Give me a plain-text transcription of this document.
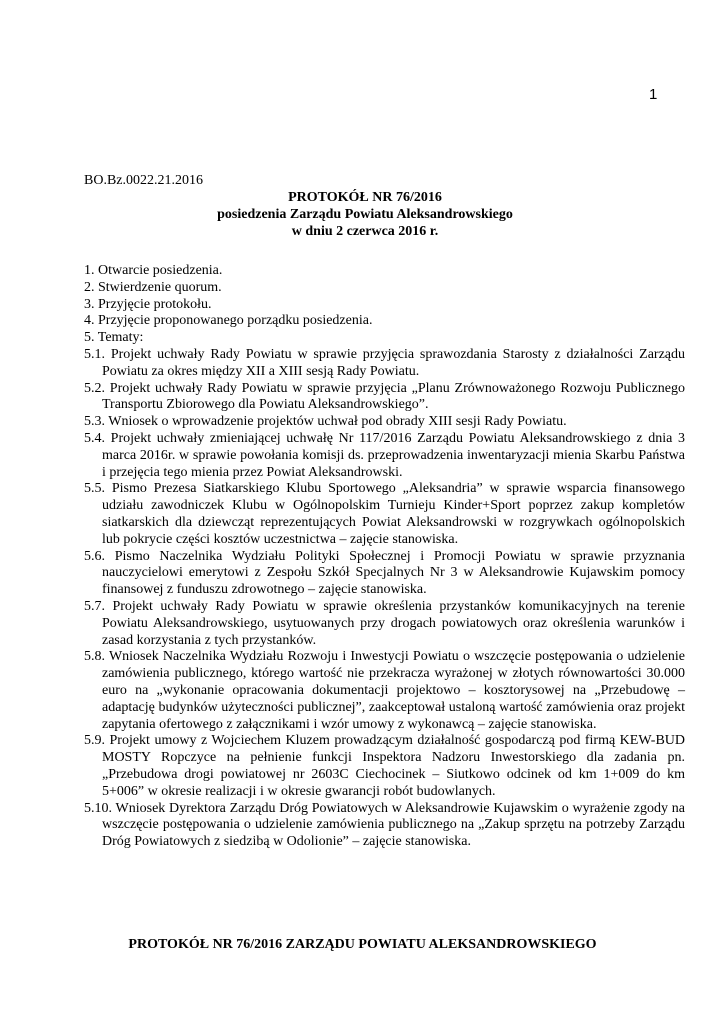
1
BO.Bz.0022.21.2016
PROTOKÓŁ NR 76/2016
posiedzenia Zarządu Powiatu Aleksandrowskiego
w dniu 2 czerwca 2016 r.

1. Otwarcie posiedzenia.

2. Stwierdzenie quorum.

3. Przyjęcie protokołu.

4. Przyjęcie proponowanego porządku posiedzenia.

5. Tematy:

5.1. Projekt uchwały Rady Powiatu w sprawie przyjęcia sprawozdania Starosty z działalności Zarządu Powiatu za okres między XII a XIII sesją Rady Powiatu.

5.2. Projekt uchwały Rady Powiatu w sprawie przyjęcia „Planu Zrównoważonego Rozwoju Publicznego Transportu Zbiorowego dla Powiatu Aleksandrowskiego”.

5.3. Wniosek o wprowadzenie projektów uchwał pod obrady XIII sesji Rady Powiatu.

5.4. Projekt uchwały zmieniającej uchwałę Nr 117/2016 Zarządu Powiatu Aleksandrowskiego z dnia 3 marca 2016r. w sprawie powołania komisji ds. przeprowadzenia inwentaryzacji mienia Skarbu Państwa i przejęcia tego mienia przez Powiat Aleksandrowski.

5.5. Pismo Prezesa Siatkarskiego Klubu Sportowego „Aleksandria” w sprawie wsparcia finansowego udziału zawodniczek Klubu w Ogólnopolskim Turnieju Kinder+Sport poprzez zakup kompletów siatkarskich dla dziewcząt reprezentujących Powiat Aleksandrowski w rozgrywkach ogólnopolskich lub pokrycie części kosztów uczestnictwa – zajęcie stanowiska.

5.6. Pismo Naczelnika Wydziału Polityki Społecznej i Promocji Powiatu w sprawie przyznania nauczycielowi emerytowi z Zespołu Szkół Specjalnych Nr 3 w Aleksandrowie Kujawskim pomocy finansowej z funduszu zdrowotnego – zajęcie stanowiska.

5.7. Projekt uchwały Rady Powiatu w sprawie określenia przystanków komunikacyjnych na terenie Powiatu Aleksandrowskiego, usytuowanych przy drogach powiatowych oraz określenia warunków i zasad korzystania z tych przystanków.

5.8. Wniosek Naczelnika Wydziału Rozwoju i Inwestycji Powiatu o wszczęcie postępowania o udzielenie zamówienia publicznego, którego wartość nie przekracza wyrażonej w złotych równowartości 30.000 euro na „wykonanie opracowania dokumentacji projektowo – kosztorysowej na „Przebudowę – adaptację budynków użyteczności publicznej”, zaakceptował ustaloną wartość zamówienia oraz projekt zapytania ofertowego z załącznikami i wzór umowy z wykonawcą – zajęcie stanowiska.

5.9. Projekt umowy z Wojciechem Kluzem prowadzącym działalność gospodarczą pod firmą KEW-BUD MOSTY Ropczyce na pełnienie funkcji Inspektora Nadzoru Inwestorskiego dla zadania pn. „Przebudowa drogi powiatowej nr 2603C Ciechocinek – Siutkowo odcinek od km 1+009 do km 5+006” w okresie realizacji i w okresie gwarancji robót budowlanych.

5.10. Wniosek Dyrektora Zarządu Dróg Powiatowych w Aleksandrowie Kujawskim o wyrażenie zgody na wszczęcie postępowania o udzielenie zamówienia publicznego na „Zakup sprzętu na potrzeby Zarządu Dróg Powiatowych z siedzibą w Odolionie” – zajęcie stanowiska.

PROTOKÓŁ NR 76/2016 ZARZĄDU POWIATU ALEKSANDROWSKIEGO
